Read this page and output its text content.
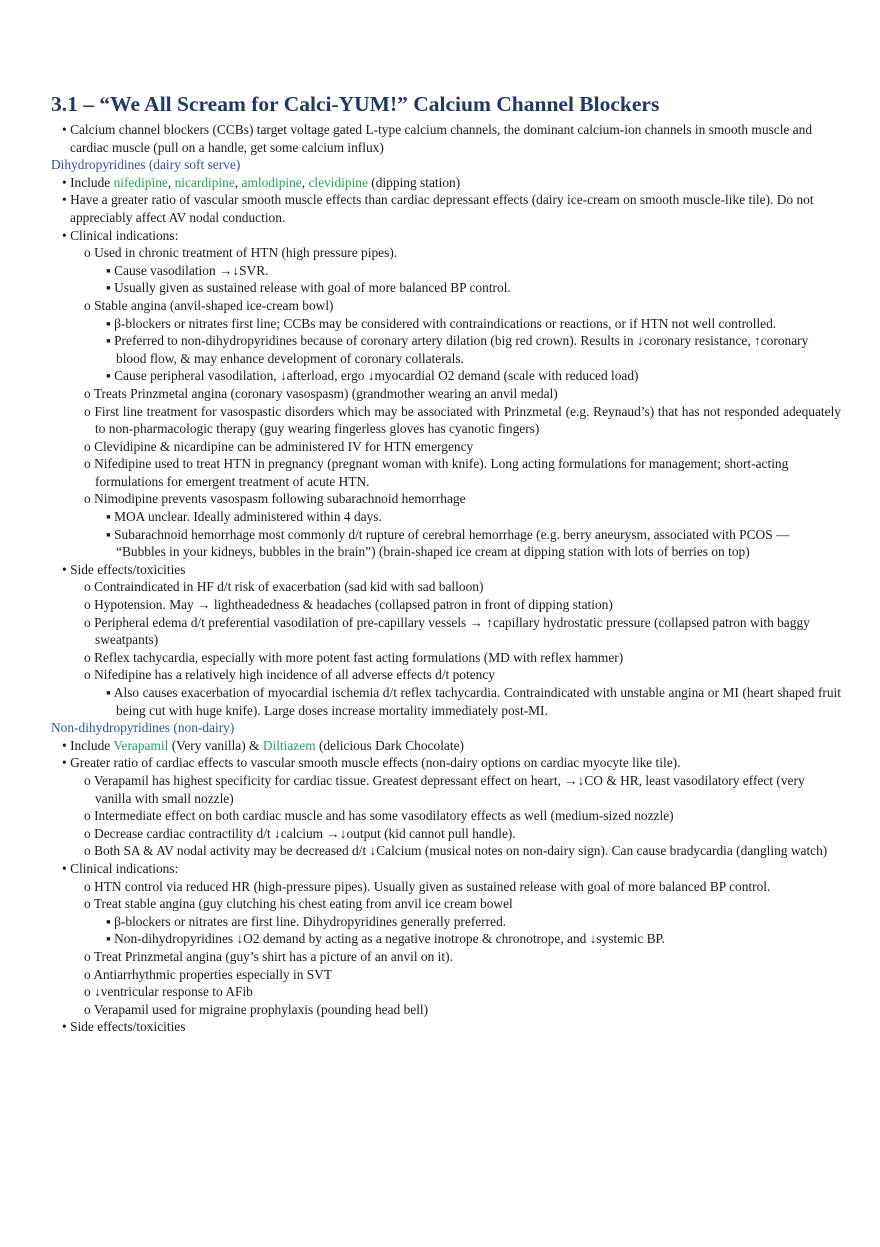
3.1 – “We All Scream for Calci-YUM!” Calcium Channel Blockers

• Calcium channel blockers (CCBs) target voltage gated L-type calcium channels, the dominant calcium-ion channels in smooth muscle and cardiac muscle (pull on a handle, get some calcium influx)

Dihydropyridines (dairy soft serve)

• Include nifedipine, nicardipine, amlodipine, clevidipine (dipping station)

• Have a greater ratio of vascular smooth muscle effects than cardiac depressant effects (dairy ice-cream on smooth muscle-like tile). Do not appreciably affect AV nodal conduction.

• Clinical indications:

o Used in chronic treatment of HTN (high pressure pipes).

▪ Cause vasodilation →↓SVR.

▪ Usually given as sustained release with goal of more balanced BP control.

o Stable angina (anvil-shaped ice-cream bowl)

▪ β-blockers or nitrates first line; CCBs may be considered with contraindications or reactions, or if HTN not well controlled.

▪ Preferred to non-dihydropyridines because of coronary artery dilation (big red crown). Results in ↓coronary resistance, ↑coronary blood flow, & may enhance development of coronary collaterals.

▪ Cause peripheral vasodilation, ↓afterload, ergo ↓myocardial O2 demand (scale with reduced load)

o Treats Prinzmetal angina (coronary vasospasm) (grandmother wearing an anvil medal)

o First line treatment for vasospastic disorders which may be associated with Prinzmetal (e.g. Reynaud’s) that has not responded adequately to non-pharmacologic therapy (guy wearing fingerless gloves has cyanotic fingers)

o Clevidipine & nicardipine can be administered IV for HTN emergency

o Nifedipine used to treat HTN in pregnancy (pregnant woman with knife). Long acting formulations for management; short-acting formulations for emergent treatment of acute HTN.

o Nimodipine prevents vasospasm following subarachnoid hemorrhage

▪ MOA unclear. Ideally administered within 4 days.

▪ Subarachnoid hemorrhage most commonly d/t rupture of cerebral hemorrhage (e.g. berry aneurysm, associated with PCOS — “Bubbles in your kidneys, bubbles in the brain”) (brain-shaped ice cream at dipping station with lots of berries on top)

• Side effects/toxicities

o Contraindicated in HF d/t risk of exacerbation (sad kid with sad balloon)

o Hypotension. May → lightheadedness & headaches (collapsed patron in front of dipping station)

o Peripheral edema d/t preferential vasodilation of pre-capillary vessels → ↑capillary hydrostatic pressure (collapsed patron with baggy sweatpants)

o Reflex tachycardia, especially with more potent fast acting formulations (MD with reflex hammer)

o Nifedipine has a relatively high incidence of all adverse effects d/t potency

▪ Also causes exacerbation of myocardial ischemia d/t reflex tachycardia. Contraindicated with unstable angina or MI (heart shaped fruit being cut with huge knife). Large doses increase mortality immediately post-MI.

Non-dihydropyridines (non-dairy)

• Include Verapamil (Very vanilla) & Diltiazem (delicious Dark Chocolate)

• Greater ratio of cardiac effects to vascular smooth muscle effects (non-dairy options on cardiac myocyte like tile).

o Verapamil has highest specificity for cardiac tissue. Greatest depressant effect on heart, →↓CO & HR, least vasodilatory effect (very vanilla with small nozzle)

o Intermediate effect on both cardiac muscle and has some vasodilatory effects as well (medium-sized nozzle)

o Decrease cardiac contractility d/t ↓calcium →↓output (kid cannot pull handle).

o Both SA & AV nodal activity may be decreased d/t ↓Calcium (musical notes on non-dairy sign). Can cause bradycardia (dangling watch)

• Clinical indications:

o HTN control via reduced HR (high-pressure pipes). Usually given as sustained release with goal of more balanced BP control.

o Treat stable angina (guy clutching his chest eating from anvil ice cream bowel

▪ β-blockers or nitrates are first line. Dihydropyridines generally preferred.

▪ Non-dihydropyridines ↓O2 demand by acting as a negative inotrope & chronotrope, and ↓systemic BP.

o Treat Prinzmetal angina (guy’s shirt has a picture of an anvil on it).

o Antiarrhythmic properties especially in SVT

o ↓ventricular response to AFib

o Verapamil used for migraine prophylaxis (pounding head bell)

• Side effects/toxicities
